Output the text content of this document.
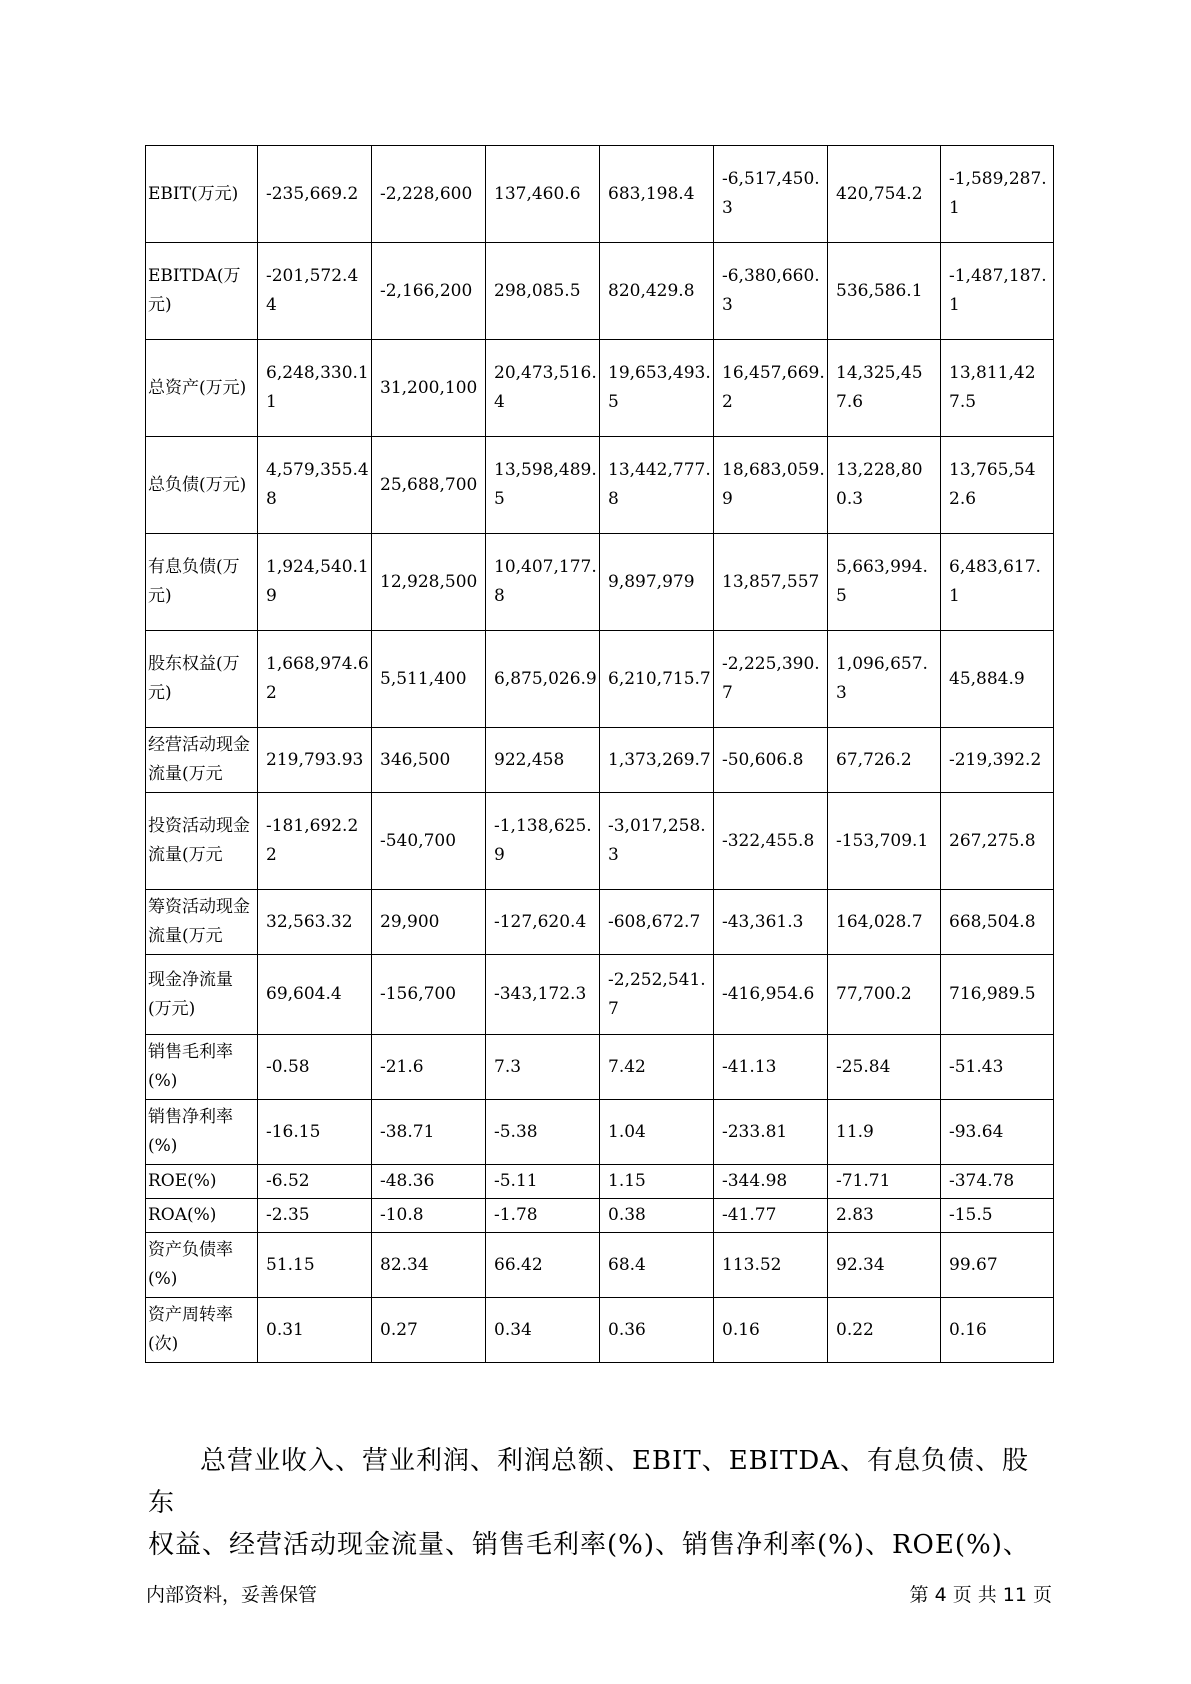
EBIT(万元)	-235,669.2	-2,228,600	137,460.6	683,198.4	-6,517,450.3	420,754.2	-1,589,287.1
EBITDA(万元)	-201,572.44	-2,166,200	298,085.5	820,429.8	-6,380,660.3	536,586.1	-1,487,187.1
总资产(万元)	6,248,330.11	31,200,100	20,473,516.4	19,653,493.5	16,457,669.2	14,325,457.6	13,811,427.5
总负债(万元)	4,579,355.48	25,688,700	13,598,489.5	13,442,777.8	18,683,059.9	13,228,800.3	13,765,542.6
有息负债(万元)	1,924,540.19	12,928,500	10,407,177.8	9,897,979	13,857,557	5,663,994.5	6,483,617.1
股东权益(万元)	1,668,974.62	5,511,400	6,875,026.9	6,210,715.7	-2,225,390.7	1,096,657.3	45,884.9
经营活动现金流量(万元	219,793.93	346,500	922,458	1,373,269.7	-50,606.8	67,726.2	-219,392.2
投资活动现金流量(万元	-181,692.22	-540,700	-1,138,625.9	-3,017,258.3	-322,455.8	-153,709.1	267,275.8
筹资活动现金流量(万元	32,563.32	29,900	-127,620.4	-608,672.7	-43,361.3	164,028.7	668,504.8
现金净流量(万元)	69,604.4	-156,700	-343,172.3	-2,252,541.7	-416,954.6	77,700.2	716,989.5
销售毛利率(%)	-0.58	-21.6	7.3	7.42	-41.13	-25.84	-51.43
销售净利率(%)	-16.15	-38.71	-5.38	1.04	-233.81	11.9	-93.64
ROE(%)	-6.52	-48.36	-5.11	1.15	-344.98	-71.71	-374.78
ROA(%)	-2.35	-10.8	-1.78	0.38	-41.77	2.83	-15.5
资产负债率(%)	51.15	82.34	66.42	68.4	113.52	92.34	99.67
资产周转率(次)	0.31	0.27	0.34	0.36	0.16	0.22	0.16
总营业收入、营业利润、利润总额、EBIT、EBITDA、有息负债、股东
权益、经营活动现金流量、销售毛利率(%)、销售净利率(%)、ROE(%)、
内部资料，妥善保管	第 4 页 共 11 页
